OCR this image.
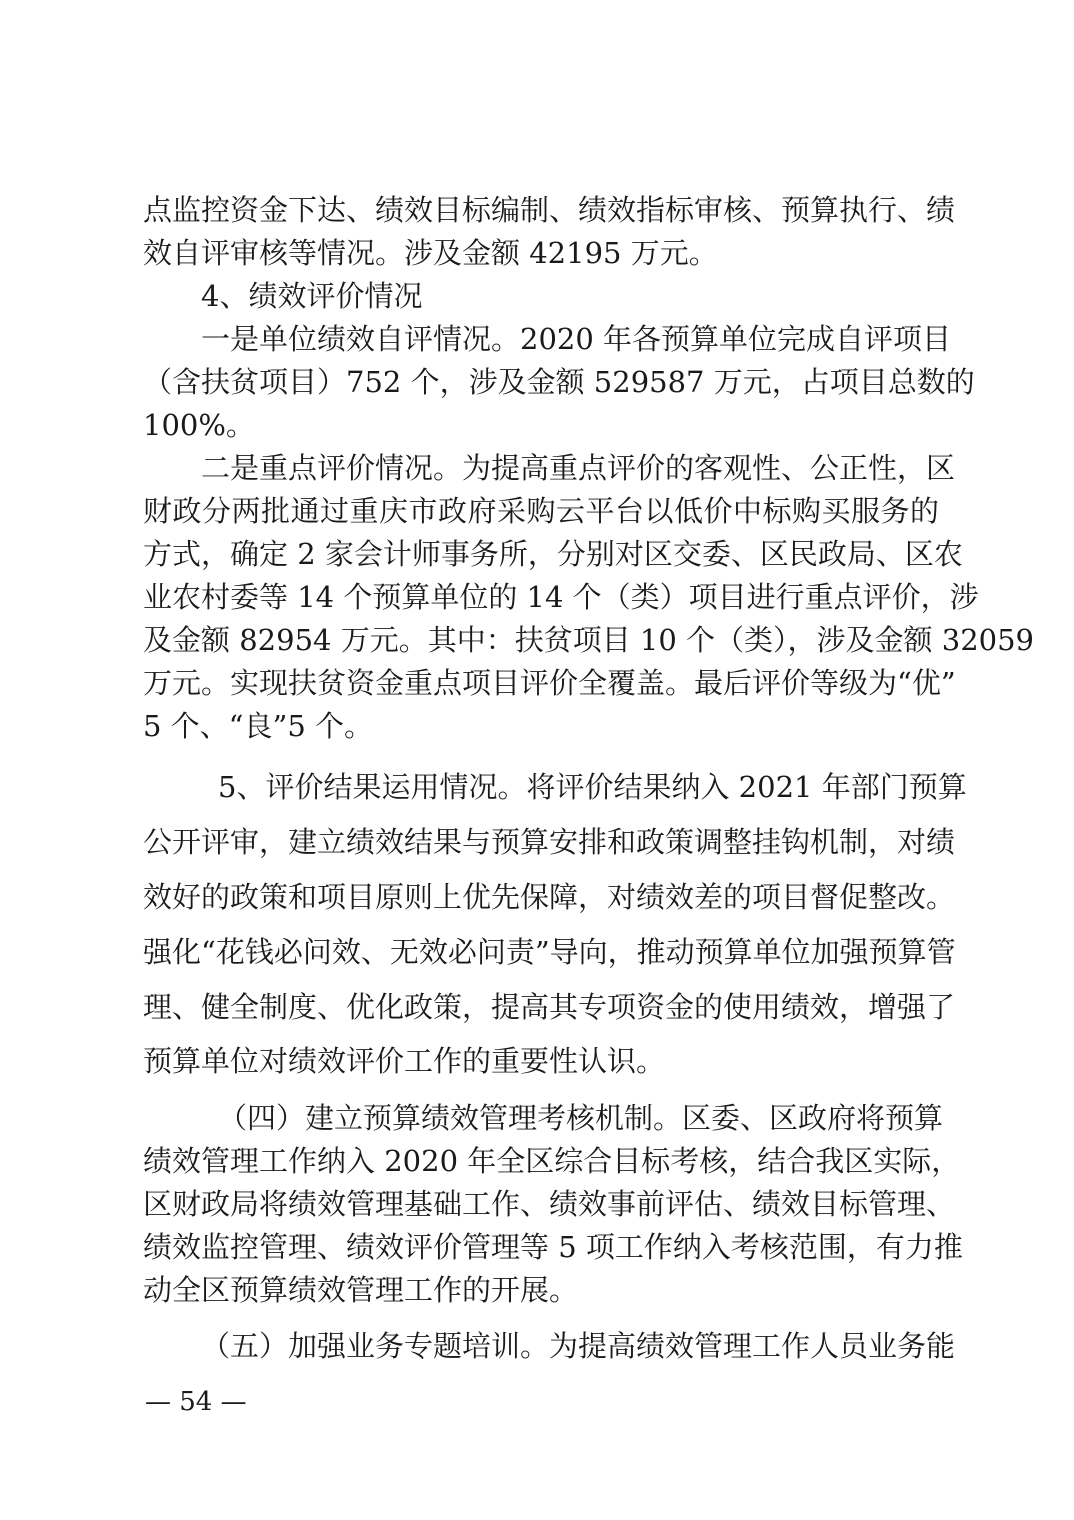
点监控资金下达、绩效目标编制、绩效指标审核、预算执行、绩
效自评审核等情况。涉及金额 42195 万元。
4、绩效评价情况
一是单位绩效自评情况。2020 年各预算单位完成自评项目
（含扶贫项目）752 个，涉及金额 529587 万元，占项目总数的
100%。
二是重点评价情况。为提高重点评价的客观性、公正性，区
财政分两批通过重庆市政府采购云平台以低价中标购买服务的
方式，确定 2 家会计师事务所，分别对区交委、区民政局、区农
业农村委等 14 个预算单位的 14 个（类）项目进行重点评价，涉
及金额 82954 万元。其中：扶贫项目 10 个（类），涉及金额 32059
万元。实现扶贫资金重点项目评价全覆盖。最后评价等级为“优”
5 个、“良”5 个。
5、评价结果运用情况。将评价结果纳入 2021 年部门预算
公开评审，建立绩效结果与预算安排和政策调整挂钩机制，对绩
效好的政策和项目原则上优先保障，对绩效差的项目督促整改。
强化“花钱必问效、无效必问责”导向，推动预算单位加强预算管
理、健全制度、优化政策，提高其专项资金的使用绩效，增强了
预算单位对绩效评价工作的重要性认识。
（四）建立预算绩效管理考核机制。区委、区政府将预算
绩效管理工作纳入 2020 年全区综合目标考核，结合我区实际，
区财政局将绩效管理基础工作、绩效事前评估、绩效目标管理、
绩效监控管理、绩效评价管理等 5 项工作纳入考核范围，有力推
动全区预算绩效管理工作的开展。
（五）加强业务专题培训。为提高绩效管理工作人员业务能
— 54 —
